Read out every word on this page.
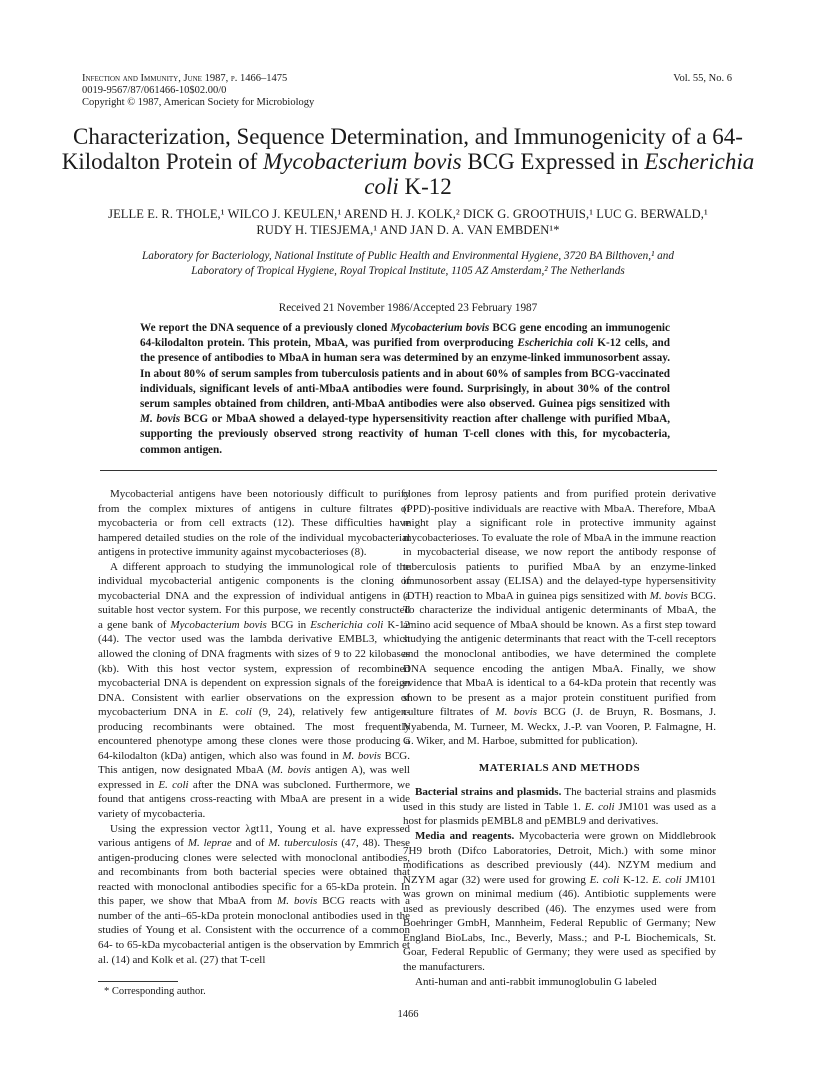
Infection and Immunity, June 1987, p. 1466–1475
0019-9567/87/061466-10$02.00/0
Copyright © 1987, American Society for Microbiology
Vol. 55, No. 6
Characterization, Sequence Determination, and Immunogenicity of a 64-Kilodalton Protein of Mycobacterium bovis BCG Expressed in Escherichia coli K-12
JELLE E. R. THOLE,¹ WILCO J. KEULEN,¹ AREND H. J. KOLK,² DICK G. GROOTHUIS,¹ LUC G. BERWALD,¹
RUDY H. TIESJEMA,¹ AND JAN D. A. VAN EMBDEN¹*
Laboratory for Bacteriology, National Institute of Public Health and Environmental Hygiene, 3720 BA Bilthoven,¹ and
Laboratory of Tropical Hygiene, Royal Tropical Institute, 1105 AZ Amsterdam,² The Netherlands
Received 21 November 1986/Accepted 23 February 1987
We report the DNA sequence of a previously cloned Mycobacterium bovis BCG gene encoding an immunogenic 64-kilodalton protein. This protein, MbaA, was purified from overproducing Escherichia coli K-12 cells, and the presence of antibodies to MbaA in human sera was determined by an enzyme-linked immunosorbent assay. In about 80% of serum samples from tuberculosis patients and in about 60% of samples from BCG-vaccinated individuals, significant levels of anti-MbaA antibodies were found. Surprisingly, in about 30% of the control serum samples obtained from children, anti-MbaA antibodies were also observed. Guinea pigs sensitized with M. bovis BCG or MbaA showed a delayed-type hypersensitivity reaction after challenge with purified MbaA, supporting the previously observed strong reactivity of human T-cell clones with this, for mycobacteria, common antigen.

Mycobacterial antigens have been notoriously difficult to purify from the complex mixtures of antigens in culture filtrates of mycobacteria or from cell extracts (12). These difficulties have hampered detailed studies on the role of the individual mycobacterial antigens in protective immunity against mycobacterioses (8).

A different approach to studying the immunological role of the individual mycobacterial antigenic components is the cloning of mycobacterial DNA and the expression of individual antigens in a suitable host vector system. For this purpose, we recently constructed a gene bank of Mycobacterium bovis BCG in Escherichia coli K-12 (44). The vector used was the lambda derivative EMBL3, which allowed the cloning of DNA fragments with sizes of 9 to 22 kilobases (kb). With this host vector system, expression of recombined mycobacterial DNA is dependent on expression signals of the foreign DNA. Consistent with earlier observations on the expression of mycobacterium DNA in E. coli (9, 24), relatively few antigen-producing recombinants were obtained. The most frequently encountered phenotype among these clones were those producing a 64-kilodalton (kDa) antigen, which also was found in M. bovis BCG. This antigen, now designated MbaA (M. bovis antigen A), was well expressed in E. coli after the DNA was subcloned. Furthermore, we found that antigens cross-reacting with MbaA are present in a wide variety of mycobacteria.

Using the expression vector λgt11, Young et al. have expressed various antigens of M. leprae and of M. tuberculosis (47, 48). These antigen-producing clones were selected with monoclonal antibodies, and recombinants from both bacterial species were obtained that reacted with monoclonal antibodies specific for a 65-kDa protein. In this paper, we show that MbaA from M. bovis BCG reacts with a number of the anti–65-kDa protein monoclonal antibodies used in the studies of Young et al. Consistent with the occurrence of a common 64- to 65-kDa mycobacterial antigen is the observation by Emmrich et al. (14) and Kolk et al. (27) that T-cell

clones from leprosy patients and from purified protein derivative (PPD)-positive individuals are reactive with MbaA. Therefore, MbaA might play a significant role in protective immunity against mycobacterioses. To evaluate the role of MbaA in the immune reaction in mycobacterial disease, we now report the antibody response of tuberculosis patients to purified MbaA by an enzyme-linked immunosorbent assay (ELISA) and the delayed-type hypersensitivity (DTH) reaction to MbaA in guinea pigs sensitized with M. bovis BCG. To characterize the individual antigenic determinants of MbaA, the amino acid sequence of MbaA should be known. As a first step toward studying the antigenic determinants that react with the T-cell receptors and the monoclonal antibodies, we have determined the complete DNA sequence encoding the antigen MbaA. Finally, we show evidence that MbaA is identical to a 64-kDa protein that recently was shown to be present as a major protein constituent purified from culture filtrates of M. bovis BCG (J. de Bruyn, R. Bosmans, J. Nyabenda, M. Turneer, M. Weckx, J.-P. van Vooren, P. Falmagne, H. G. Wiker, and M. Harboe, submitted for publication).

MATERIALS AND METHODS

Bacterial strains and plasmids. The bacterial strains and plasmids used in this study are listed in Table 1. E. coli JM101 was used as a host for plasmids pEMBL8 and pEMBL9 and derivatives.

Media and reagents. Mycobacteria were grown on Middlebrook 7H9 broth (Difco Laboratories, Detroit, Mich.) with some minor modifications as described previously (44). NZYM medium and NZYM agar (32) were used for growing E. coli K-12. E. coli JM101 was grown on minimal medium (46). Antibiotic supplements were used as previously described (46). The enzymes used were from Boehringer GmbH, Mannheim, Federal Republic of Germany; New England BioLabs, Inc., Beverly, Mass.; and P-L Biochemicals, St. Goar, Federal Republic of Germany; they were used as specified by the manufacturers.

Anti-human and anti-rabbit immunoglobulin G labeled

* Corresponding author.
1466
